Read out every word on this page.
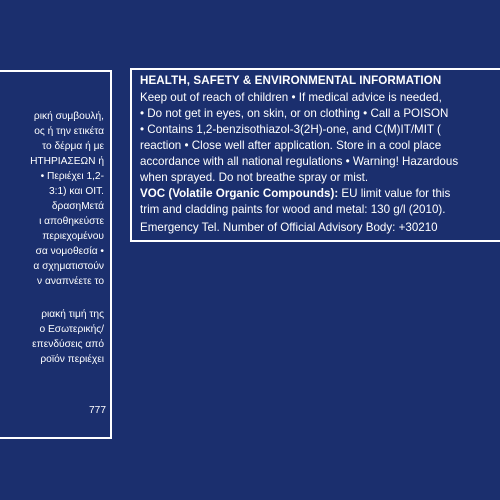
ρική συμβουλή,
ος ή την ετικέτα
το δέρμα ή με
ΗΤΗΡΙΑΣΕΩΝ ή
• Περιέχει 1,2-
3:1) και OIT.
δρασηΜετά
ι αποθηκεύστε
περιεχομένου
σα νομοθεσία •
α σχηματιστούν
ν αναπνέετε το
ριακή τιμή της
ο Εσωτερικής/
επενδύσεις από
ροϊόν περιέχει
777
HEALTH, SAFETY & ENVIRONMENTAL INFORMATION
Keep out of reach of children • If medical advice is needed,
• Do not get in eyes, on skin, or on clothing • Call a POISON
• Contains 1,2-benzisothiazol-3(2H)-one, and C(M)IT/MIT (
reaction • Close well after application. Store in a cool place
accordance with all national regulations • Warning! Hazardous
when sprayed. Do not breathe spray or mist.
VOC (Volatile Organic Compounds): EU limit value for this
trim and cladding paints for wood and metal: 130 g/l (2010).
Emergency Tel. Number of Official Advisory Body: +30210
